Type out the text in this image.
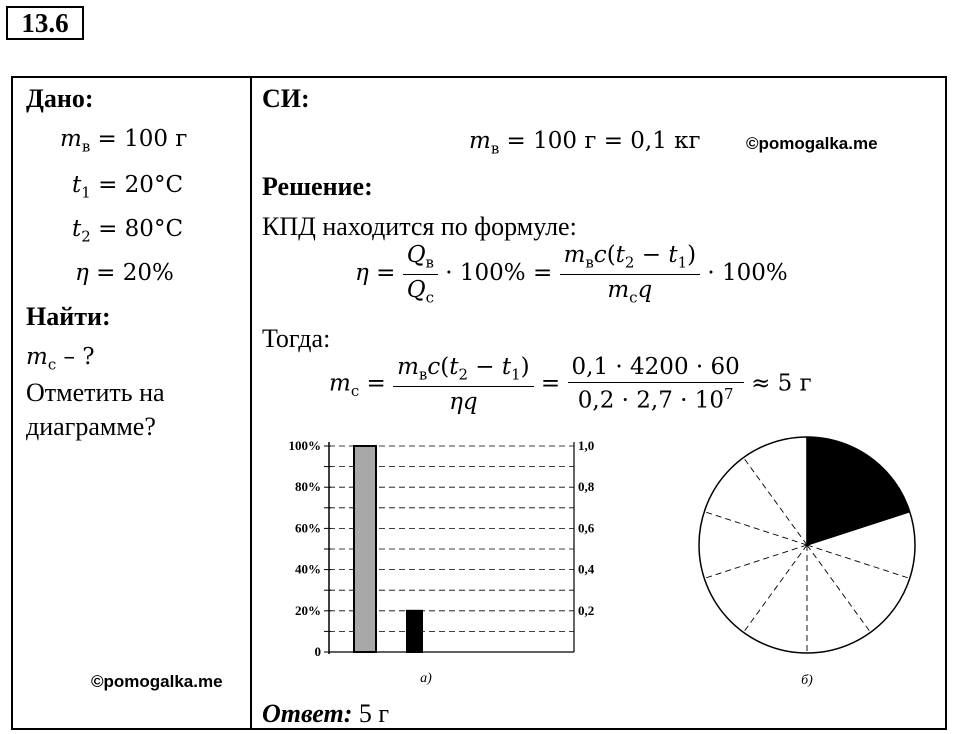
13.6
Дано:
$m_в = 100$ г
$t_1 = 20^\circ C$
$t_2 = 80^\circ C$
η = 20%
Найти:
$m_с$ – ?
Отметить на
диаграмме?
©pomogalka.me
СИ:
$m_в = 100$ г = 0,1 кг	©pomogalka.me
Решение:
КПД находится по формуле:
$\eta = \frac{Q_в}{Q_с} \cdot 100\% = \frac{m_вc(t_2 - t_1)}{m_сq} \cdot 100\%$
Тогда:
$m_с = \frac{m_вc(t_2 - t_1)}{\eta q} = \frac{0,1 \cdot 4200 \cdot 60}{0,2 \cdot 2,7 \cdot 10^7} \approx 5$ г
100%
80%
60%
40%
20%
0
1,0
0,8
0,6
0,4
0,2
а)	б)
Ответ: 5 г
